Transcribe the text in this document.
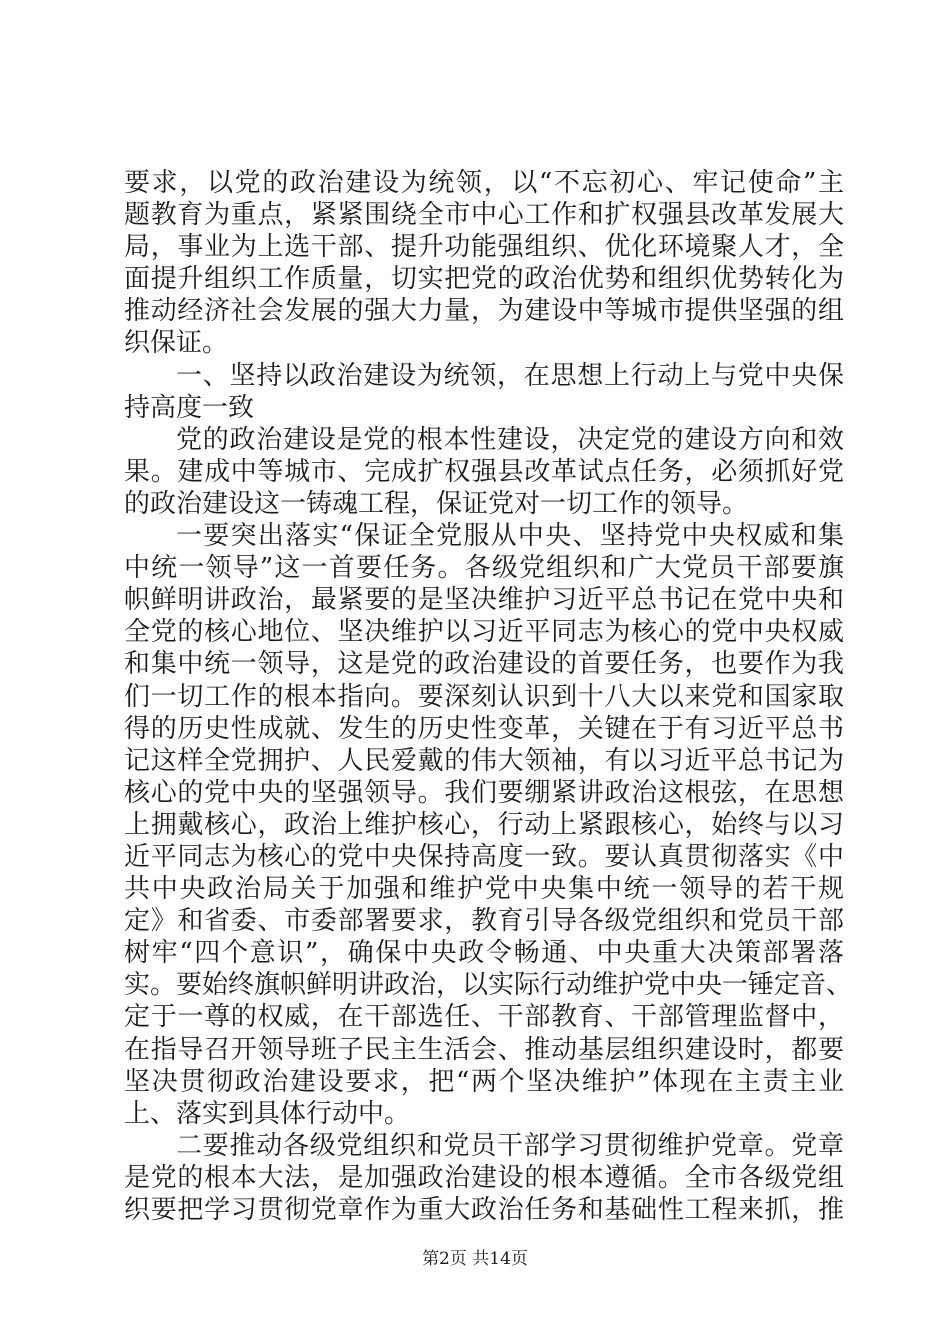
要求，以党的政治建设为统领，以“不忘初心、牢记使命”主
题教育为重点，紧紧围绕全市中心工作和扩权强县改革发展大
局，事业为上选干部、提升功能强组织、优化环境聚人才，全
面提升组织工作质量，切实把党的政治优势和组织优势转化为
推动经济社会发展的强大力量，为建设中等城市提供坚强的组
织保证。
一、坚持以政治建设为统领，在思想上行动上与党中央保
持高度一致
党的政治建设是党的根本性建设，决定党的建设方向和效
果。建成中等城市、完成扩权强县改革试点任务，必须抓好党
的政治建设这一铸魂工程，保证党对一切工作的领导。
一要突出落实“保证全党服从中央、坚持党中央权威和集
中统一领导”这一首要任务。各级党组织和广大党员干部要旗
帜鲜明讲政治，最紧要的是坚决维护习近平总书记在党中央和
全党的核心地位、坚决维护以习近平同志为核心的党中央权威
和集中统一领导，这是党的政治建设的首要任务，也要作为我
们一切工作的根本指向。要深刻认识到十八大以来党和国家取
得的历史性成就、发生的历史性变革，关键在于有习近平总书
记这样全党拥护、人民爱戴的伟大领袖，有以习近平总书记为
核心的党中央的坚强领导。我们要绷紧讲政治这根弦，在思想
上拥戴核心，政治上维护核心，行动上紧跟核心，始终与以习
近平同志为核心的党中央保持高度一致。要认真贯彻落实《中
共中央政治局关于加强和维护党中央集中统一领导的若干规
定》和省委、市委部署要求，教育引导各级党组织和党员干部
树牢“四个意识”，确保中央政令畅通、中央重大决策部署落
实。要始终旗帜鲜明讲政治，以实际行动维护党中央一锤定音、
定于一尊的权威，在干部选任、干部教育、干部管理监督中，
在指导召开领导班子民主生活会、推动基层组织建设时，都要
坚决贯彻政治建设要求，把“两个坚决维护”体现在主责主业
上、落实到具体行动中。
二要推动各级党组织和党员干部学习贯彻维护党章。党章
是党的根本大法，是加强政治建设的根本遵循。全市各级党组
织要把学习贯彻党章作为重大政治任务和基础性工程来抓，推
第2页 共14页
